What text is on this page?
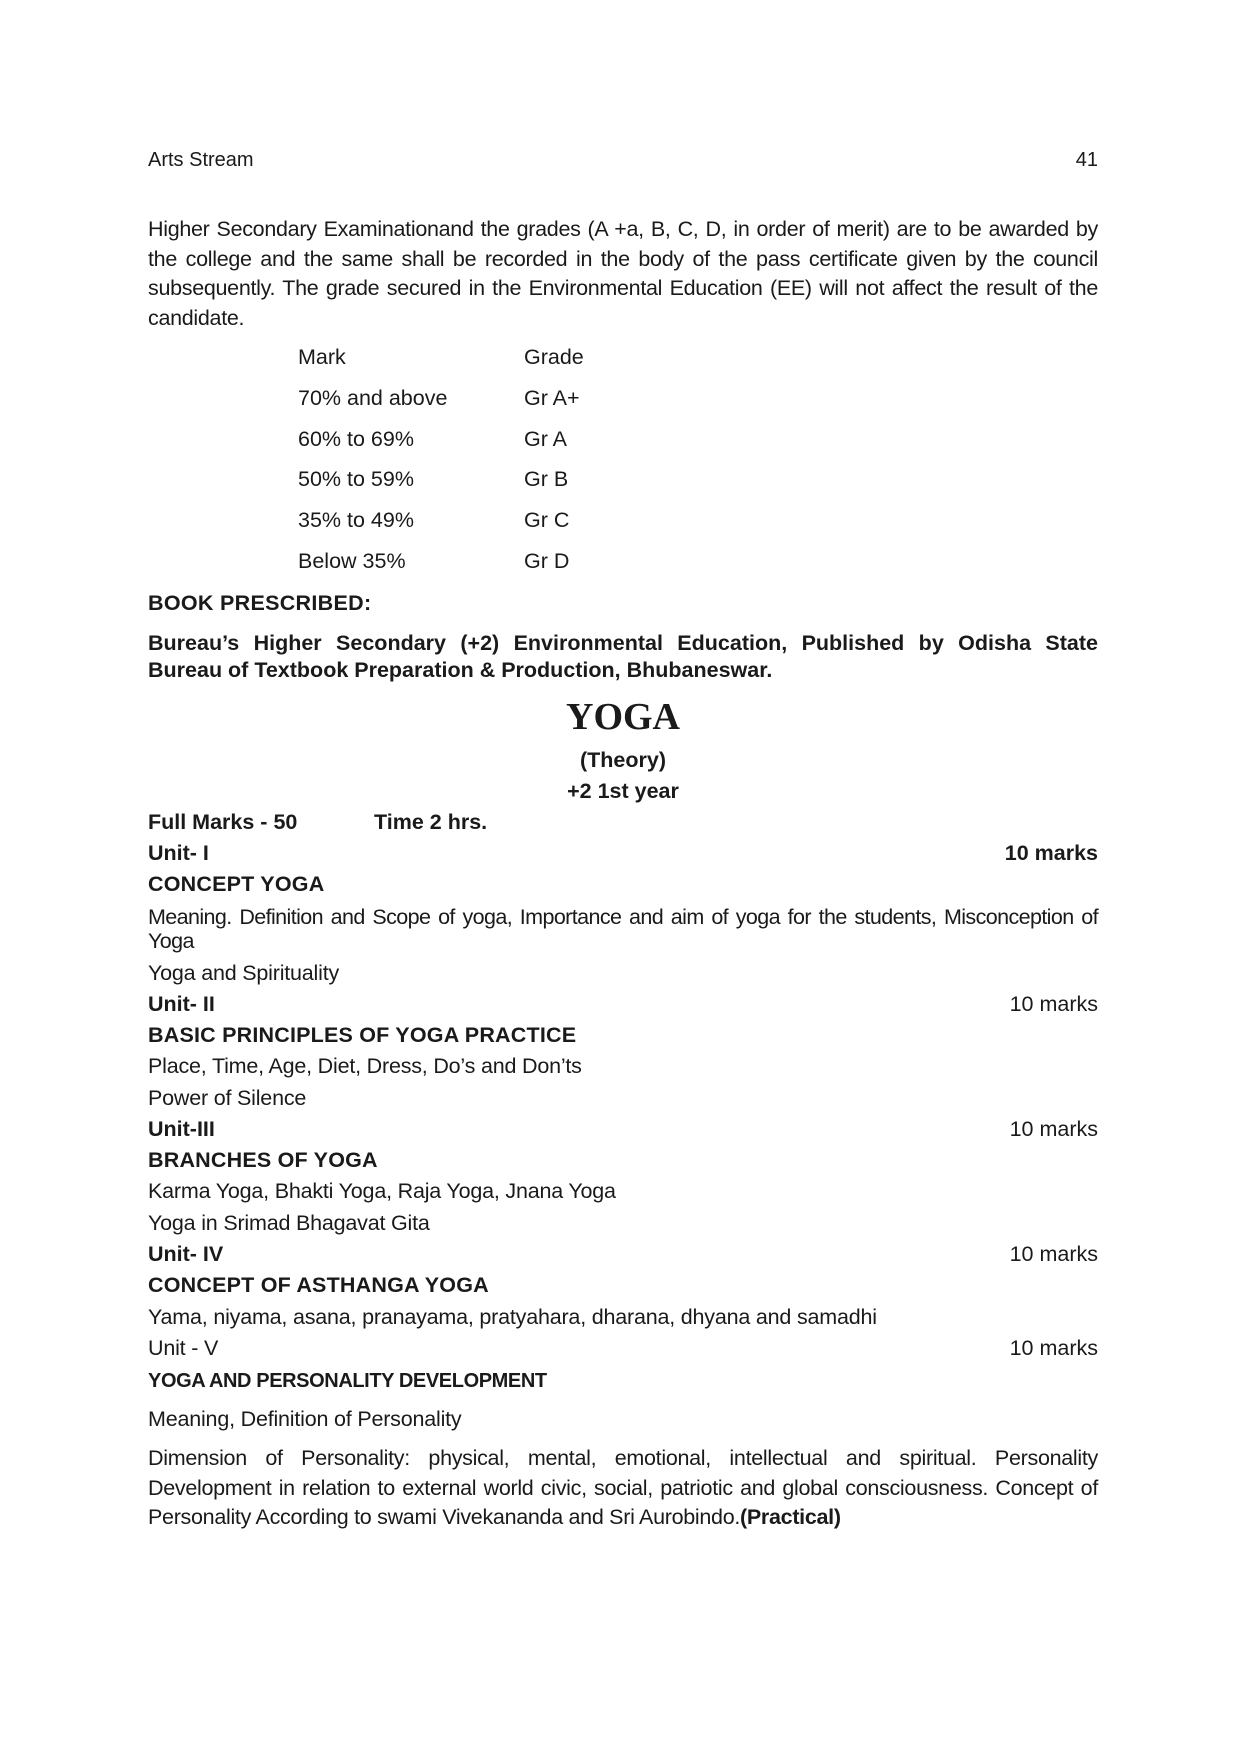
Arts Stream	41

Higher Secondary Examinationand the grades (A +a, B, C, D, in order of merit) are to be awarded by the college and the same shall be recorded in the body of the pass certificate given by the council subsequently. The grade secured in the Environmental Education (EE) will not affect the result of the candidate.

Mark	Grade
70% and above	Gr A+
60% to 69%	Gr A
50% to 59%	Gr B
35% to 49%	Gr C
Below 35%	Gr D

BOOK PRESCRIBED:

Bureau’s Higher Secondary (+2) Environmental Education, Published by Odisha State Bureau of Textbook Preparation & Production, Bhubaneswar.

YOGA

(Theory)

+2 1st year

Full Marks - 50	Time 2 hrs.

Unit- I	10 marks

CONCEPT YOGA

Meaning. Definition and Scope of yoga, Importance and aim of yoga for the students, Misconception of Yoga

Yoga and Spirituality

Unit- II	10 marks

BASIC PRINCIPLES OF YOGA PRACTICE

Place, Time, Age, Diet, Dress, Do’s and Don’ts

Power of Silence

Unit-III	10 marks

BRANCHES OF YOGA

Karma Yoga, Bhakti Yoga, Raja Yoga, Jnana Yoga

Yoga in Srimad Bhagavat Gita

Unit- IV	10 marks

CONCEPT OF ASTHANGA YOGA

Yama, niyama, asana, pranayama, pratyahara, dharana, dhyana and samadhi

Unit - V	10 marks

YOGA AND PERSONALITY DEVELOPMENT

Meaning, Definition of Personality

Dimension of Personality: physical, mental, emotional, intellectual and spiritual. Personality Development in relation to external world civic, social, patriotic and global consciousness. Concept of Personality According to swami Vivekananda and Sri Aurobindo.(Practical)
